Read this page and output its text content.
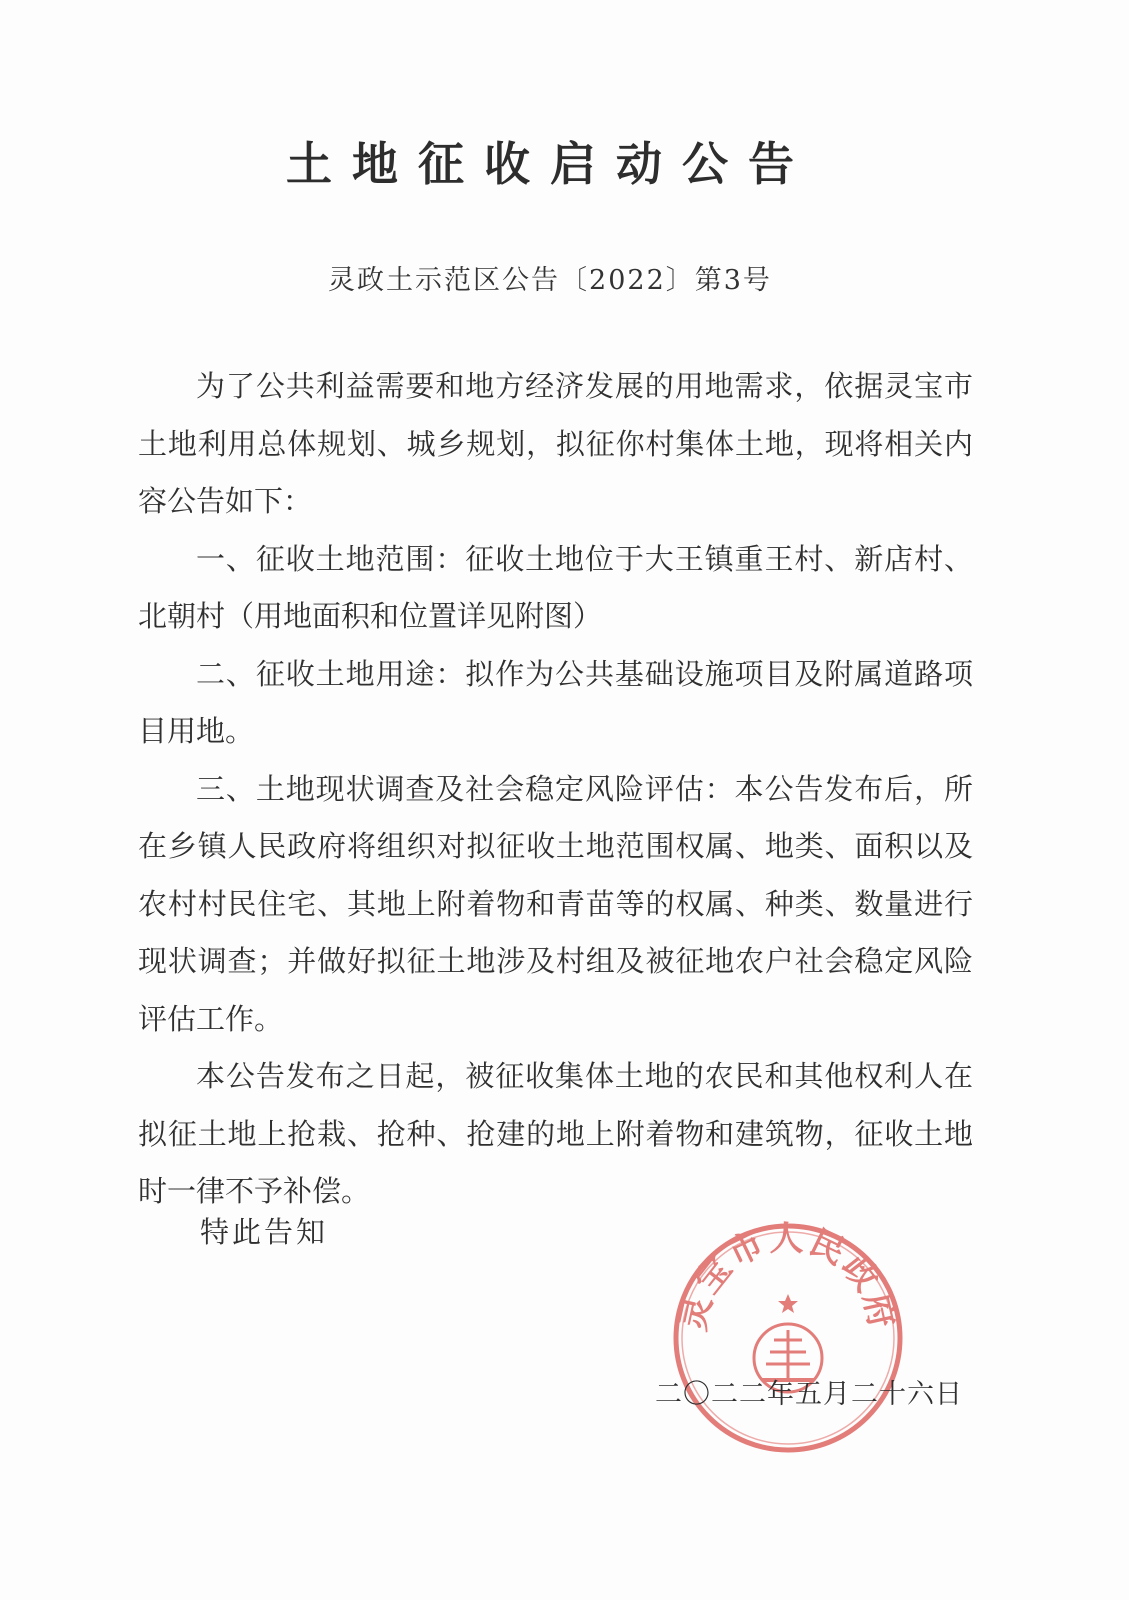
土地征收启动公告
灵政土示范区公告〔2022〕第3号

为了公共利益需要和地方经济发展的用地需求，依据灵宝市土地利用总体规划、城乡规划，拟征你村集体土地，现将相关内容公告如下：

一、征收土地范围：征收土地位于大王镇重王村、新店村、北朝村（用地面积和位置详见附图）

二、征收土地用途：拟作为公共基础设施项目及附属道路项目用地。

三、土地现状调查及社会稳定风险评估：本公告发布后，所在乡镇人民政府将组织对拟征收土地范围权属、地类、面积以及农村村民住宅、其地上附着物和青苗等的权属、种类、数量进行现状调查；并做好拟征土地涉及村组及被征地农户社会稳定风险评估工作。

本公告发布之日起，被征收集体土地的农民和其他权利人在拟征土地上抢栽、抢种、抢建的地上附着物和建筑物，征收土地时一律不予补偿。

特此告知
灵宝市人民政府
二〇二二年五月二十六日
